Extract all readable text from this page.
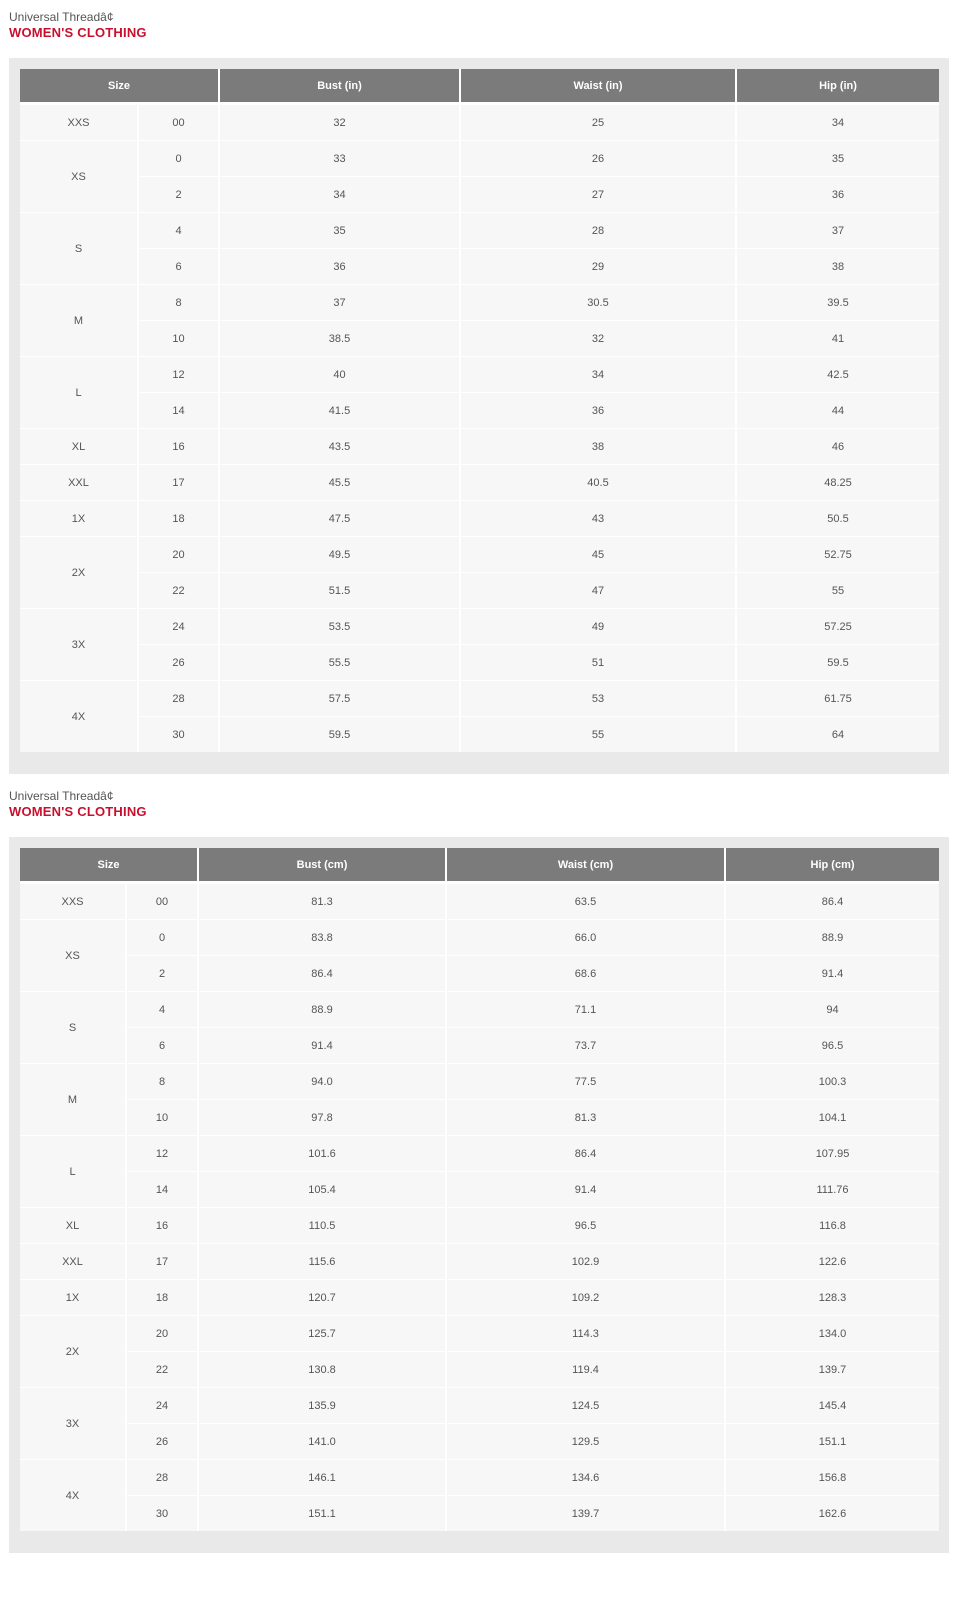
Universal Threadâ¢
WOMEN'S CLOTHING
Size		Bust (in)	Waist (in)	Hip (in)
XXS	00	32	25	34
XS	0	33	26	35
	2	34	27	36
S	4	35	28	37
	6	36	29	38
M	8	37	30.5	39.5
	10	38.5	32	41
L	12	40	34	42.5
	14	41.5	36	44
XL	16	43.5	38	46
XXL	17	45.5	40.5	48.25
1X	18	47.5	43	50.5
2X	20	49.5	45	52.75
	22	51.5	47	55
3X	24	53.5	49	57.25
	26	55.5	51	59.5
4X	28	57.5	53	61.75
	30	59.5	55	64
Universal Threadâ¢
WOMEN'S CLOTHING
Size		Bust (cm)	Waist (cm)	Hip (cm)
XXS	00	81.3	63.5	86.4
XS	0	83.8	66.0	88.9
	2	86.4	68.6	91.4
S	4	88.9	71.1	94
	6	91.4	73.7	96.5
M	8	94.0	77.5	100.3
	10	97.8	81.3	104.1
L	12	101.6	86.4	107.95
	14	105.4	91.4	111.76
XL	16	110.5	96.5	116.8
XXL	17	115.6	102.9	122.6
1X	18	120.7	109.2	128.3
2X	20	125.7	114.3	134.0
	22	130.8	119.4	139.7
3X	24	135.9	124.5	145.4
	26	141.0	129.5	151.1
4X	28	146.1	134.6	156.8
	30	151.1	139.7	162.6
